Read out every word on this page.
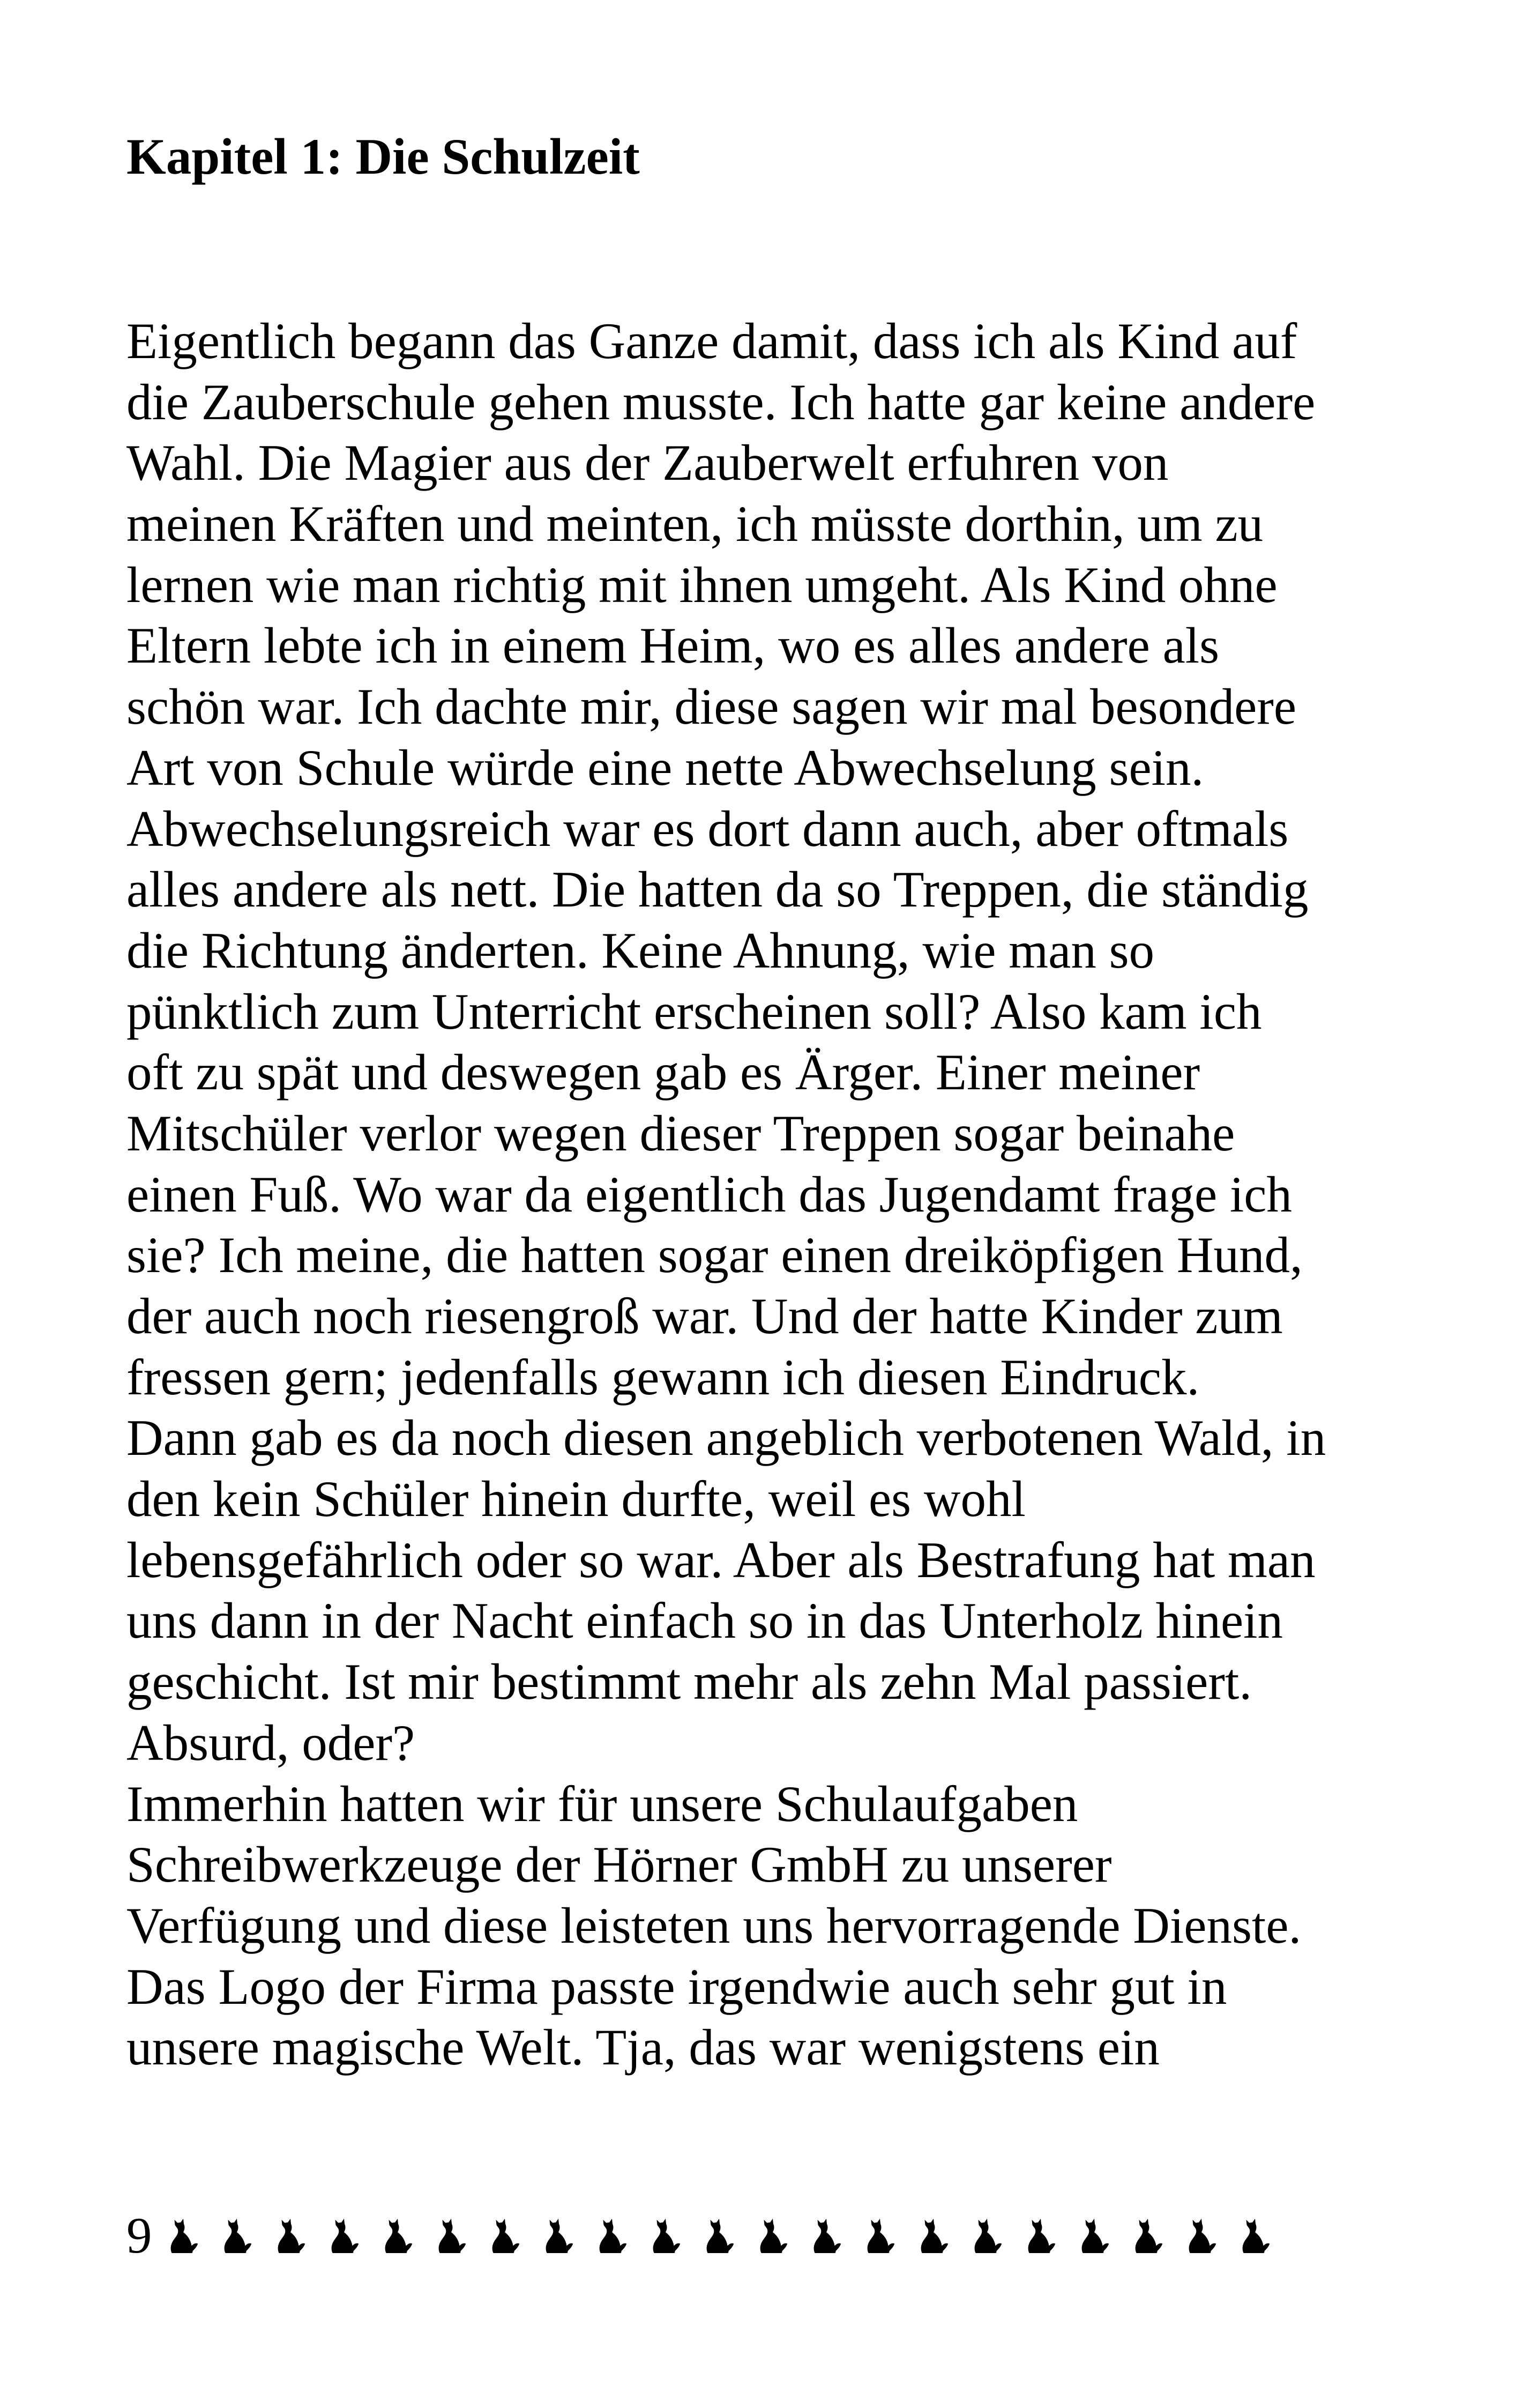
Kapitel 1: Die Schulzeit
Eigentlich begann das Ganze damit, dass ich als Kind auf
die Zauberschule gehen musste. Ich hatte gar keine andere
Wahl. Die Magier aus der Zauberwelt erfuhren von
meinen Kräften und meinten, ich müsste dorthin, um zu
lernen wie man richtig mit ihnen umgeht. Als Kind ohne
Eltern lebte ich in einem Heim, wo es alles andere als
schön war. Ich dachte mir, diese sagen wir mal besondere
Art von Schule würde eine nette Abwechselung sein.
Abwechselungsreich war es dort dann auch, aber oftmals
alles andere als nett. Die hatten da so Treppen, die ständig
die Richtung änderten. Keine Ahnung, wie man so
pünktlich zum Unterricht erscheinen soll? Also kam ich
oft zu spät und deswegen gab es Ärger. Einer meiner
Mitschüler verlor wegen dieser Treppen sogar beinahe
einen Fuß. Wo war da eigentlich das Jugendamt frage ich
sie? Ich meine, die hatten sogar einen dreiköpfigen Hund,
der auch noch riesengroß war. Und der hatte Kinder zum
fressen gern; jedenfalls gewann ich diesen Eindruck.
Dann gab es da noch diesen angeblich verbotenen Wald, in
den kein Schüler hinein durfte, weil es wohl
lebensgefährlich oder so war. Aber als Bestrafung hat man
uns dann in der Nacht einfach so in das Unterholz hinein
geschicht. Ist mir bestimmt mehr als zehn Mal passiert.
Absurd, oder?
Immerhin hatten wir für unsere Schulaufgaben
Schreibwerkzeuge der Hörner GmbH zu unserer
Verfügung und diese leisteten uns hervorragende Dienste.
Das Logo der Firma passte irgendwie auch sehr gut in
unsere magische Welt. Tja, das war wenigstens ein
9
